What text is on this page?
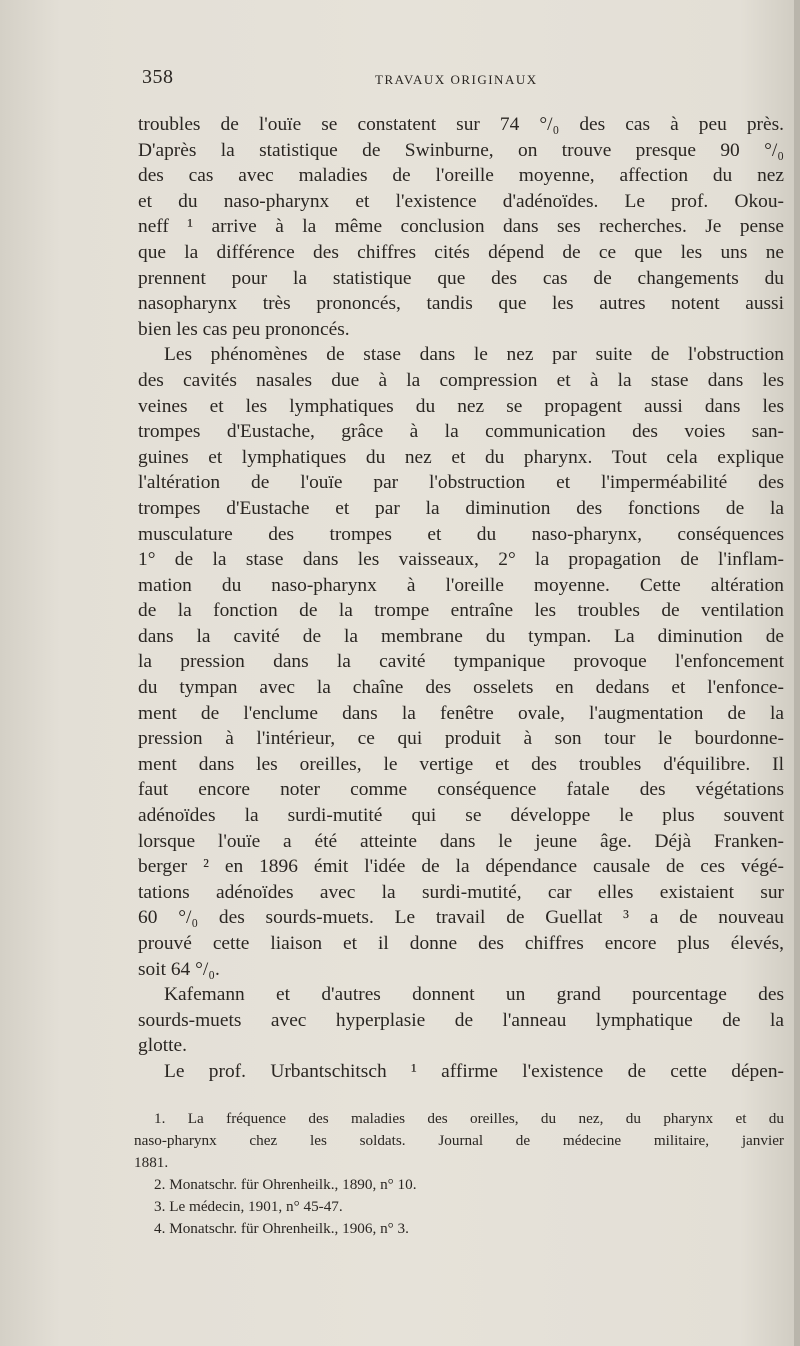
358	TRAVAUX ORIGINAUX
troubles de l'ouïe se constatent sur 74 °/₀ des cas à peu près.
D'après la statistique de Swinburne, on trouve presque 90 °/₀
des cas avec maladies de l'oreille moyenne, affection du nez
et du naso-pharynx et l'existence d'adénoïdes. Le prof. Okou-
neff ¹ arrive à la même conclusion dans ses recherches. Je pense
que la différence des chiffres cités dépend de ce que les uns ne
prennent pour la statistique que des cas de changements du
nasopharynx très prononcés, tandis que les autres notent aussi
bien les cas peu prononcés.
Les phénomènes de stase dans le nez par suite de l'obstruction
des cavités nasales due à la compression et à la stase dans les
veines et les lymphatiques du nez se propagent aussi dans les
trompes d'Eustache, grâce à la communication des voies san-
guines et lymphatiques du nez et du pharynx. Tout cela explique
l'altération de l'ouïe par l'obstruction et l'imperméabilité des
trompes d'Eustache et par la diminution des fonctions de la
musculature des trompes et du naso-pharynx, conséquences
1° de la stase dans les vaisseaux, 2° la propagation de l'inflam-
mation du naso-pharynx à l'oreille moyenne. Cette altération
de la fonction de la trompe entraîne les troubles de ventilation
dans la cavité de la membrane du tympan. La diminution de
la pression dans la cavité tympanique provoque l'enfoncement
du tympan avec la chaîne des osselets en dedans et l'enfonce-
ment de l'enclume dans la fenêtre ovale, l'augmentation de la
pression à l'intérieur, ce qui produit à son tour le bourdonne-
ment dans les oreilles, le vertige et des troubles d'équilibre. Il
faut encore noter comme conséquence fatale des végétations
adénoïdes la surdi-mutité qui se développe le plus souvent
lorsque l'ouïe a été atteinte dans le jeune âge. Déjà Franken-
berger ² en 1896 émit l'idée de la dépendance causale de ces végé-
tations adénoïdes avec la surdi-mutité, car elles existaient sur
60 °/₀ des sourds-muets. Le travail de Guellat ³ a de nouveau
prouvé cette liaison et il donne des chiffres encore plus élevés,
soit 64 °/₀.
Kafemann et d'autres donnent un grand pourcentage des
sourds-muets avec hyperplasie de l'anneau lymphatique de la
glotte.
Le prof. Urbantschitsch ¹ affirme l'existence de cette dépen-
1. La fréquence des maladies des oreilles, du nez, du pharynx et du
naso-pharynx chez les soldats. Journal de médecine militaire, janvier
1881.
2. Monatschr. für Ohrenheilk., 1890, n° 10.
3. Le médecin, 1901, n° 45-47.
4. Monatschr. für Ohrenheilk., 1906, n° 3.
